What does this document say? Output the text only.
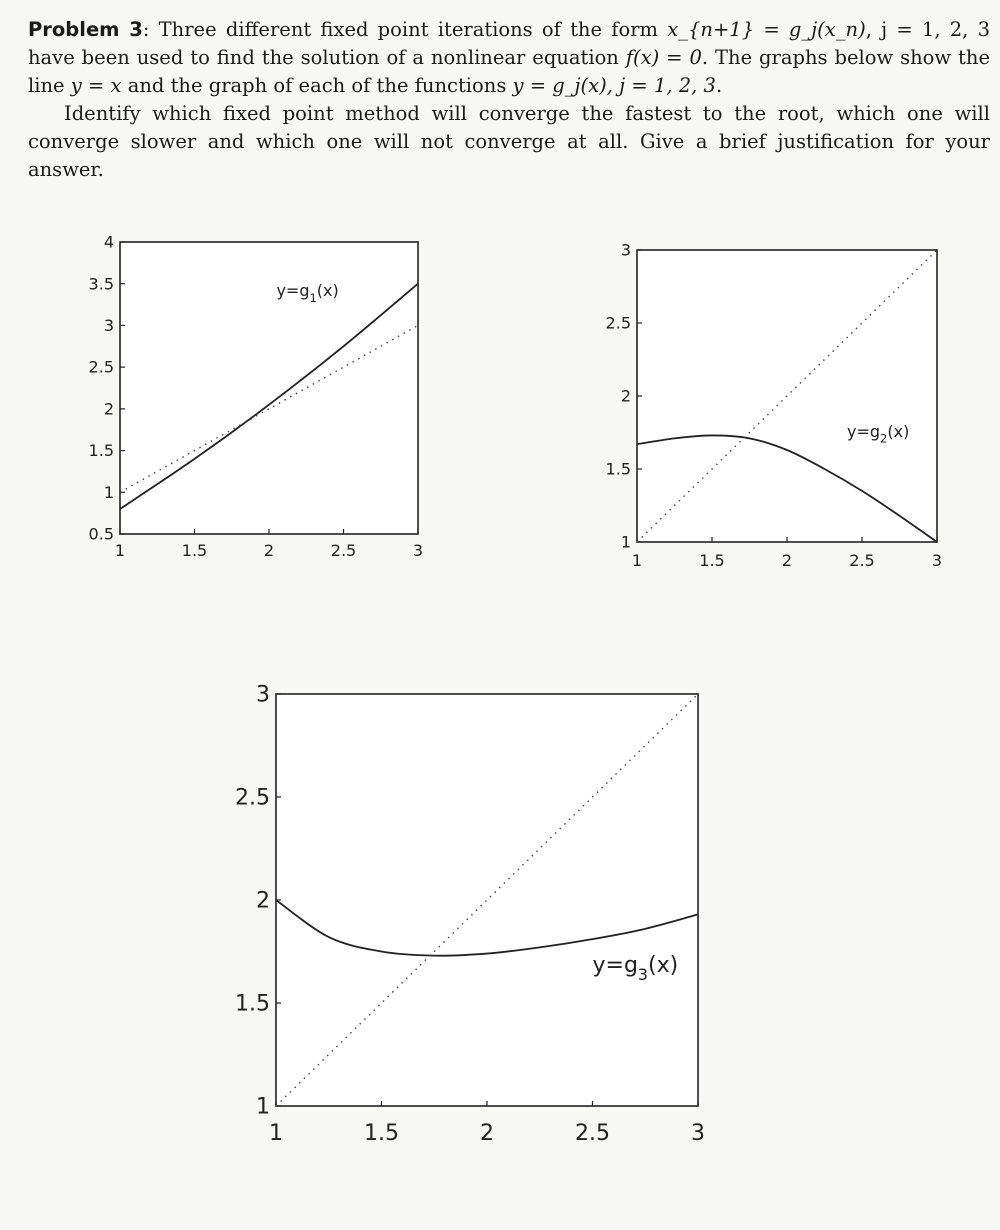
Problem 3: Three different fixed point iterations of the form x_{n+1} = g_j(x_n), j = 1, 2, 3 have been used to find the solution of a nonlinear equation f(x) = 0. The graphs below show the line y = x and the graph of each of the functions y = g_j(x), j = 1, 2, 3.

Identify which fixed point method will converge the fastest to the root, which one will converge slower and which one will not converge at all. Give a brief justification for your answer.

1	1.5	2	2.5	3
0.5
1
1.5
2
2.5
3
3.5
4
$y=g_1(x)$
1	1.5	2	2.5	3
1
1.5
2
2.5
3
$y=g_2(x)$
1	1.5	2	2.5	3
1
1.5
2
2.5
3
$y=g_3(x)$
